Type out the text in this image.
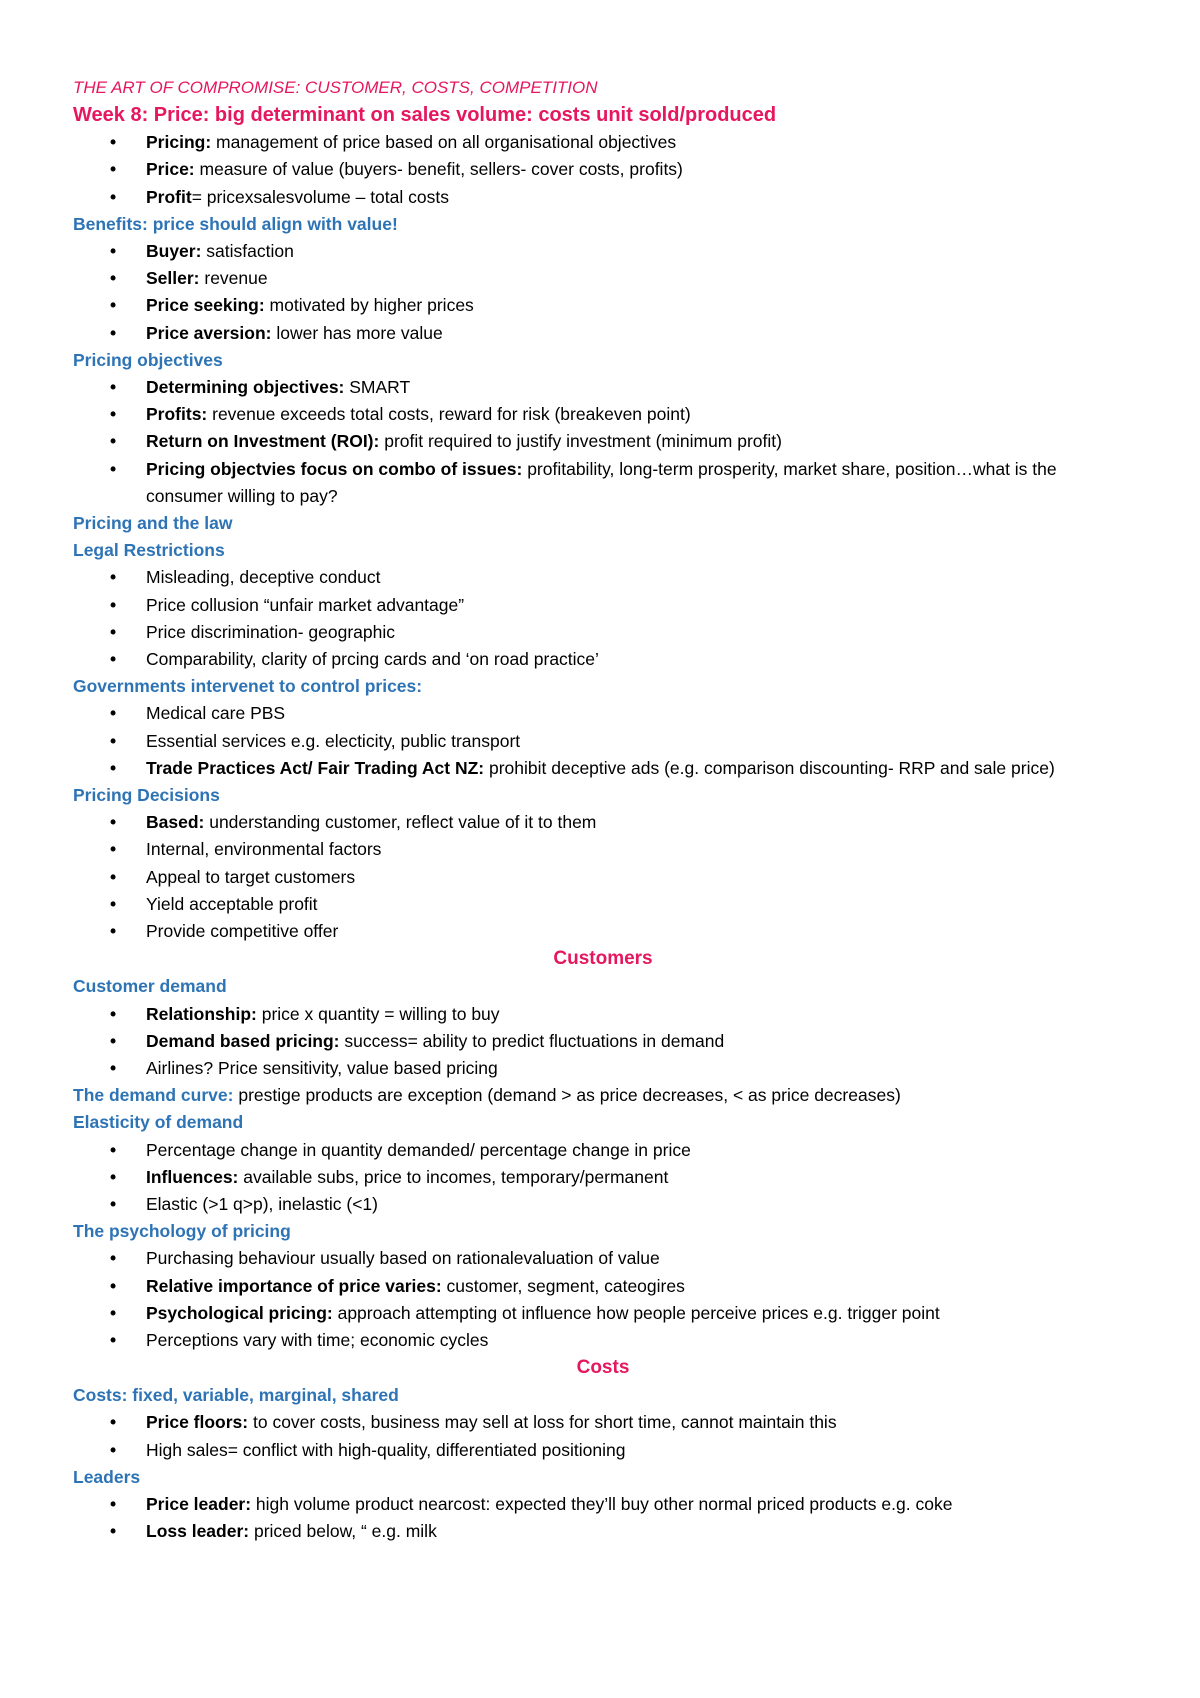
THE ART OF COMPROMISE: CUSTOMER, COSTS, COMPETITION
Week 8: Price: big determinant on sales volume: costs unit sold/produced
• Pricing: management of price based on all organisational objectives
• Price: measure of value (buyers- benefit, sellers- cover costs, profits)
• Profit= pricexsalesvolume – total costs
Benefits: price should align with value!
• Buyer: satisfaction
• Seller: revenue
• Price seeking: motivated by higher prices
• Price aversion: lower has more value
Pricing objectives
• Determining objectives: SMART
• Profits: revenue exceeds total costs, reward for risk (breakeven point)
• Return on Investment (ROI): profit required to justify investment (minimum profit)
• Pricing objectvies focus on combo of issues: profitability, long-term prosperity, market share, position…what is the consumer willing to pay?
Pricing and the law
Legal Restrictions
• Misleading, deceptive conduct
• Price collusion “unfair market advantage”
• Price discrimination- geographic
• Comparability, clarity of prcing cards and ‘on road practice’
Governments intervenet to control prices:
• Medical care PBS
• Essential services e.g. electicity, public transport
• Trade Practices Act/ Fair Trading Act NZ: prohibit deceptive ads (e.g. comparison discounting- RRP and sale price)
Pricing Decisions
• Based: understanding customer, reflect value of it to them
• Internal, environmental factors
• Appeal to target customers
• Yield acceptable profit
• Provide competitive offer
Customers
Customer demand
• Relationship: price x quantity = willing to buy
• Demand based pricing: success= ability to predict fluctuations in demand
• Airlines? Price sensitivity, value based pricing
The demand curve: prestige products are exception (demand > as price decreases, < as price decreases)
Elasticity of demand
• Percentage change in quantity demanded/ percentage change in price
• Influences: available subs, price to incomes, temporary/permanent
• Elastic (>1 q>p), inelastic (<1)
The psychology of pricing
• Purchasing behaviour usually based on rationalevaluation of value
• Relative importance of price varies: customer, segment, cateogires
• Psychological pricing: approach attempting ot influence how people perceive prices e.g. trigger point
• Perceptions vary with time; economic cycles
Costs
Costs: fixed, variable, marginal, shared
• Price floors: to cover costs, business may sell at loss for short time, cannot maintain this
• High sales= conflict with high-quality, differentiated positioning
Leaders
• Price leader: high volume product nearcost: expected they’ll buy other normal priced products e.g. coke
• Loss leader: priced below, “ e.g. milk
